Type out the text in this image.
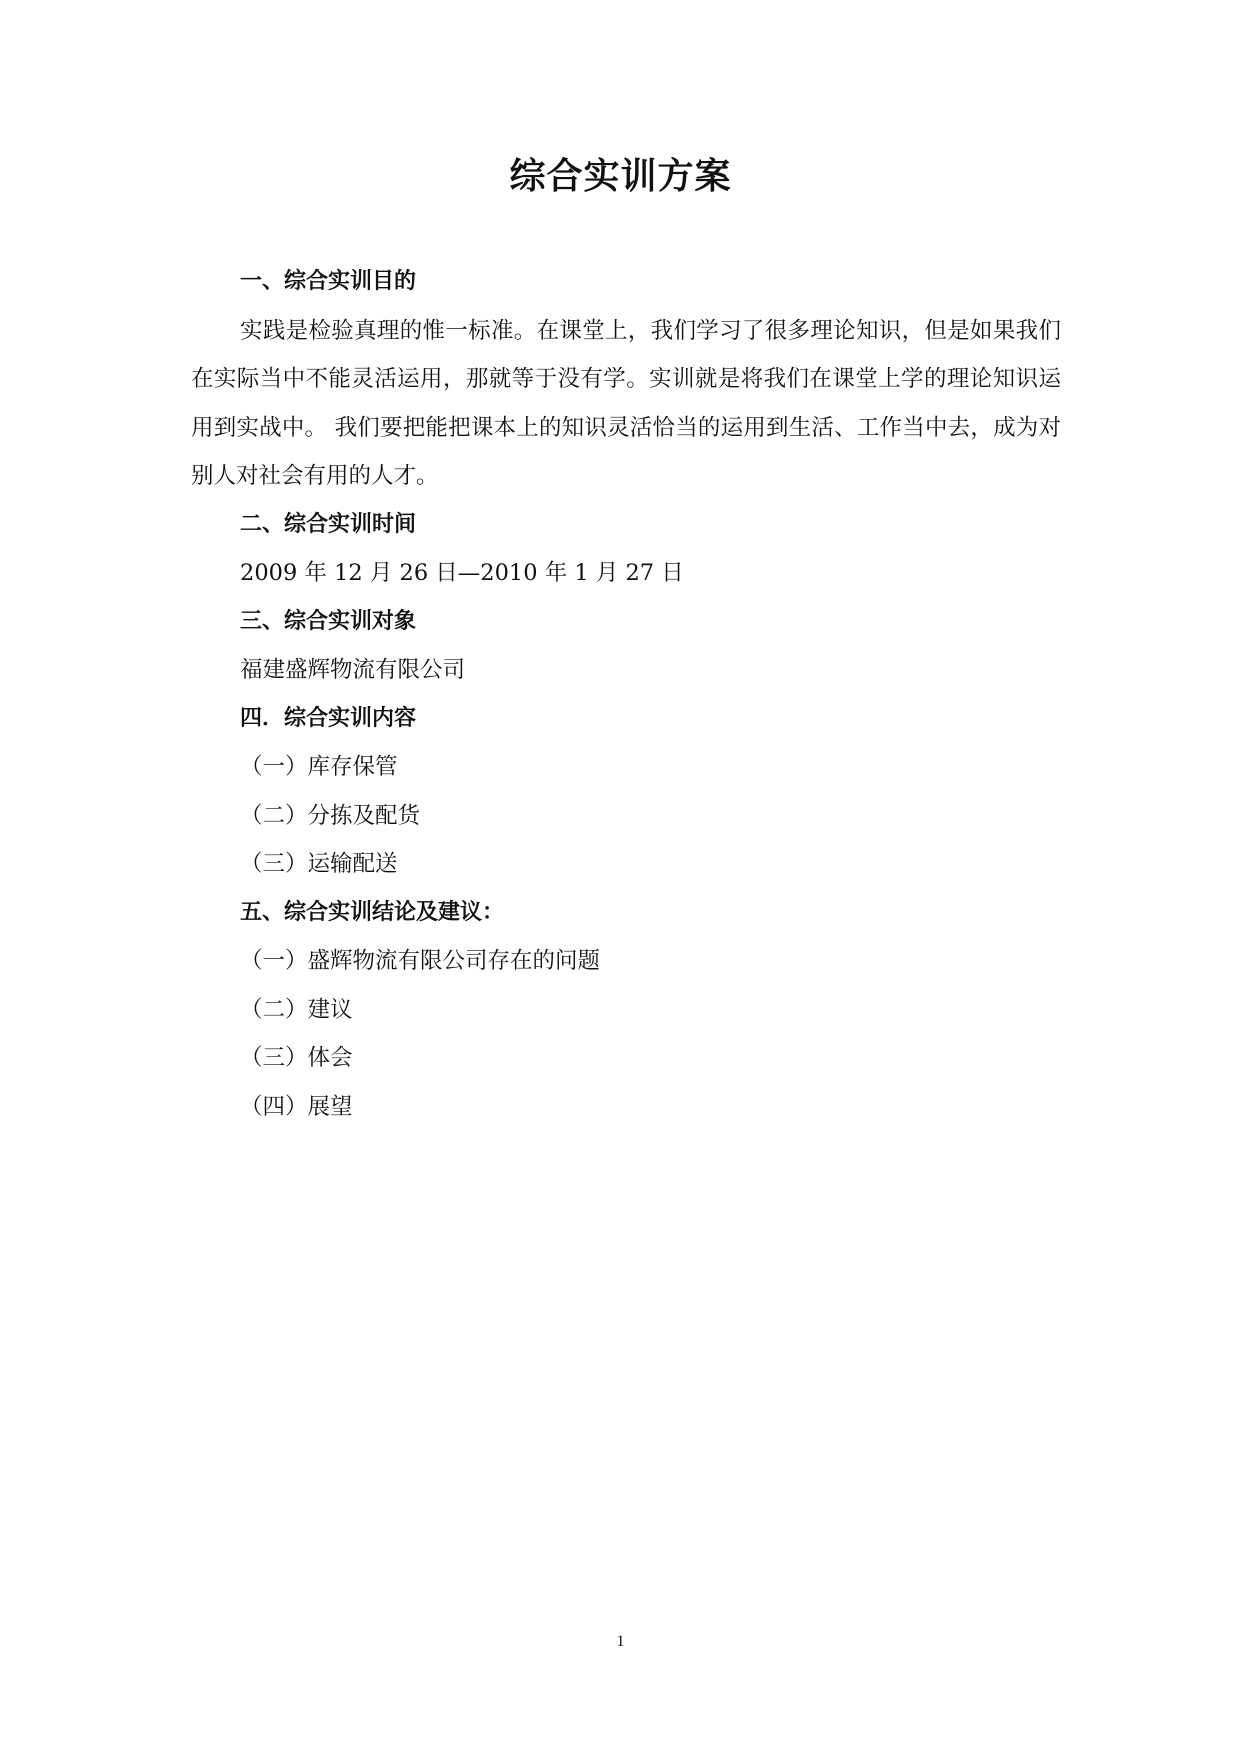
综合实训方案
一、综合实训目的

实践是检验真理的惟一标准。在课堂上，我们学习了很多理论知识，但是如果我们在实际当中不能灵活运用，那就等于没有学。实训就是将我们在课堂上学的理论知识运用到实战中。 我们要把能把课本上的知识灵活恰当的运用到生活、工作当中去，成为对别人对社会有用的人才。

二、综合实训时间
2009 年 12 月 26 日—2010 年 1 月 27 日
三、综合实训对象
福建盛辉物流有限公司
四．综合实训内容
（一）库存保管
（二）分拣及配货
（三）运输配送
五、综合实训结论及建议：
（一）盛辉物流有限公司存在的问题
（二）建议
（三）体会
（四）展望
1
